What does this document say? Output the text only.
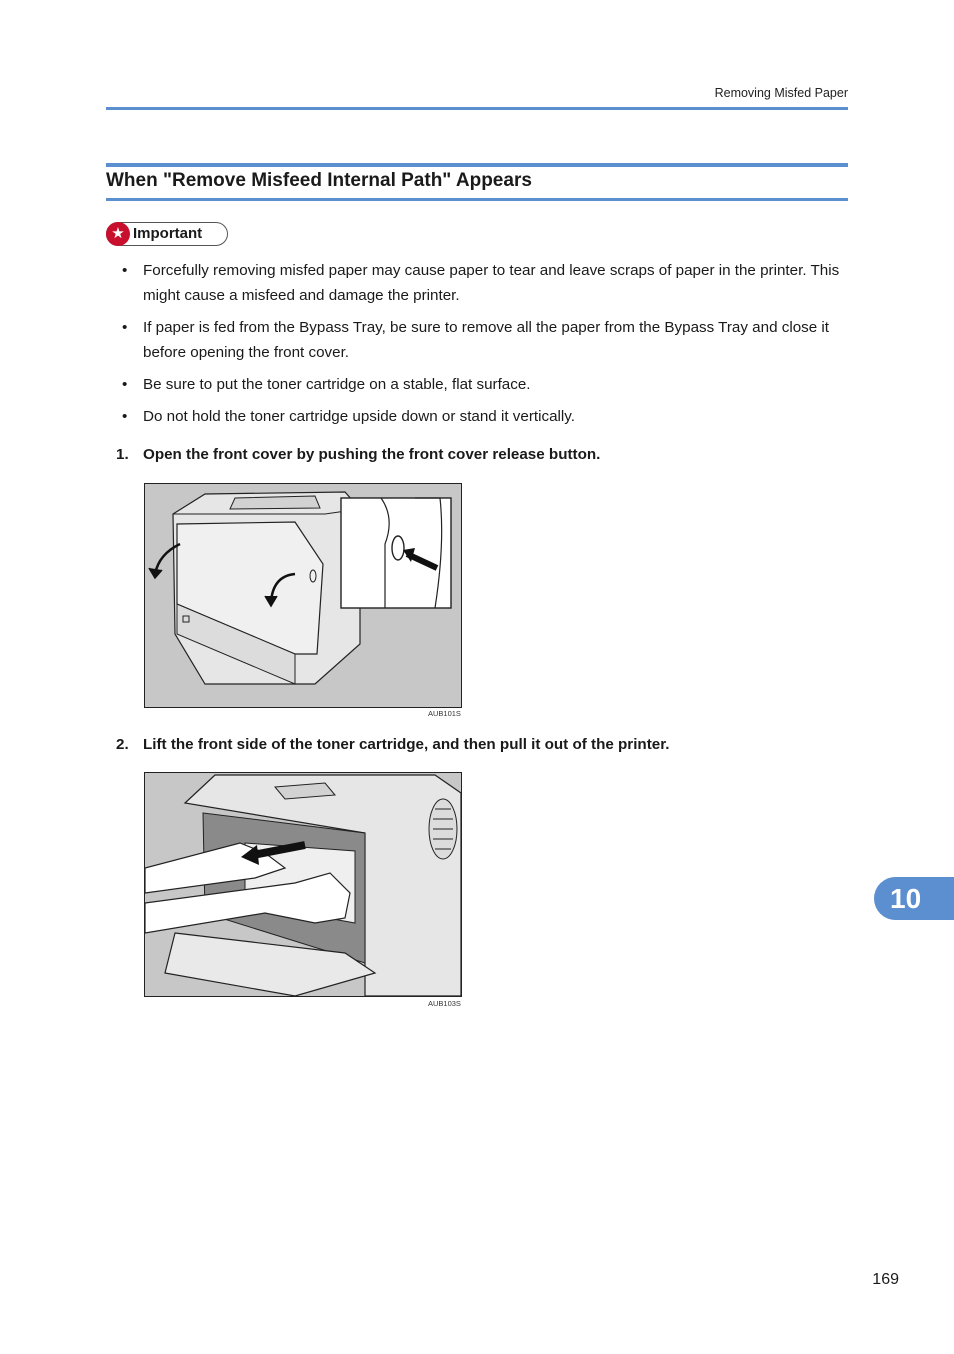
Removing Misfed Paper
When "Remove Misfeed Internal Path" Appears
★ Important
• Forcefully removing misfed paper may cause paper to tear and leave scraps of paper in the printer. This might cause a misfeed and damage the printer.
• If paper is fed from the Bypass Tray, be sure to remove all the paper from the Bypass Tray and close it before opening the front cover.
• Be sure to put the toner cartridge on a stable, flat surface.
• Do not hold the toner cartridge upside down or stand it vertically.
1. Open the front cover by pushing the front cover release button.
AUB101S
2. Lift the front side of the toner cartridge, and then pull it out of the printer.
AUB103S
10
169
